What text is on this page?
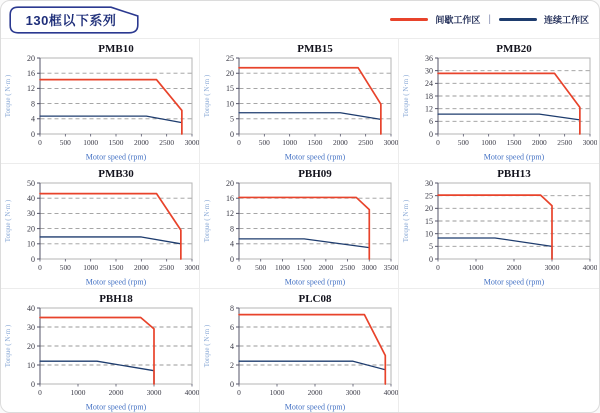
130框以下系列	间歇工作区 |	连续工作区
PMB10
0
4
8
12
16
20
0 500 1000 1500 2000 2500 3000
Motor speed (rpm)
Torque ( N·m )
PMB15
0
5
10
15
20
25
0 500 1000 1500 2000 2500 3000
Motor speed (rpm)
Torque ( N·m )
PMB20
0
6
12
18
24
30
36
0 500 1000 1500 2000 2500 3000
Motor speed (rpm)
Torque ( N·m )
PMB30
0
10
20
30
40
50
0 500 1000 1500 2000 2500 3000
Motor speed (rpm)
Torque ( N·m )
PBH09
0
4
8
12
16
20
0 500 1000 1500 2000 2500 3000 3500
Motor speed (rpm)
Torque ( N·m )
PBH13
0
5
10
15
20
25
30
0	1000	2000	3000	4000
Motor speed (rpm)
Torque ( N·m )
PBH18
0
10
20
30
40
0	1000	2000	3000	4000
Motor speed (rpm)
Torque ( N·m )
PLC08
0
2
4
6
8
0	1000	2000	3000	4000
Motor speed (rpm)
Torque ( N·m )
